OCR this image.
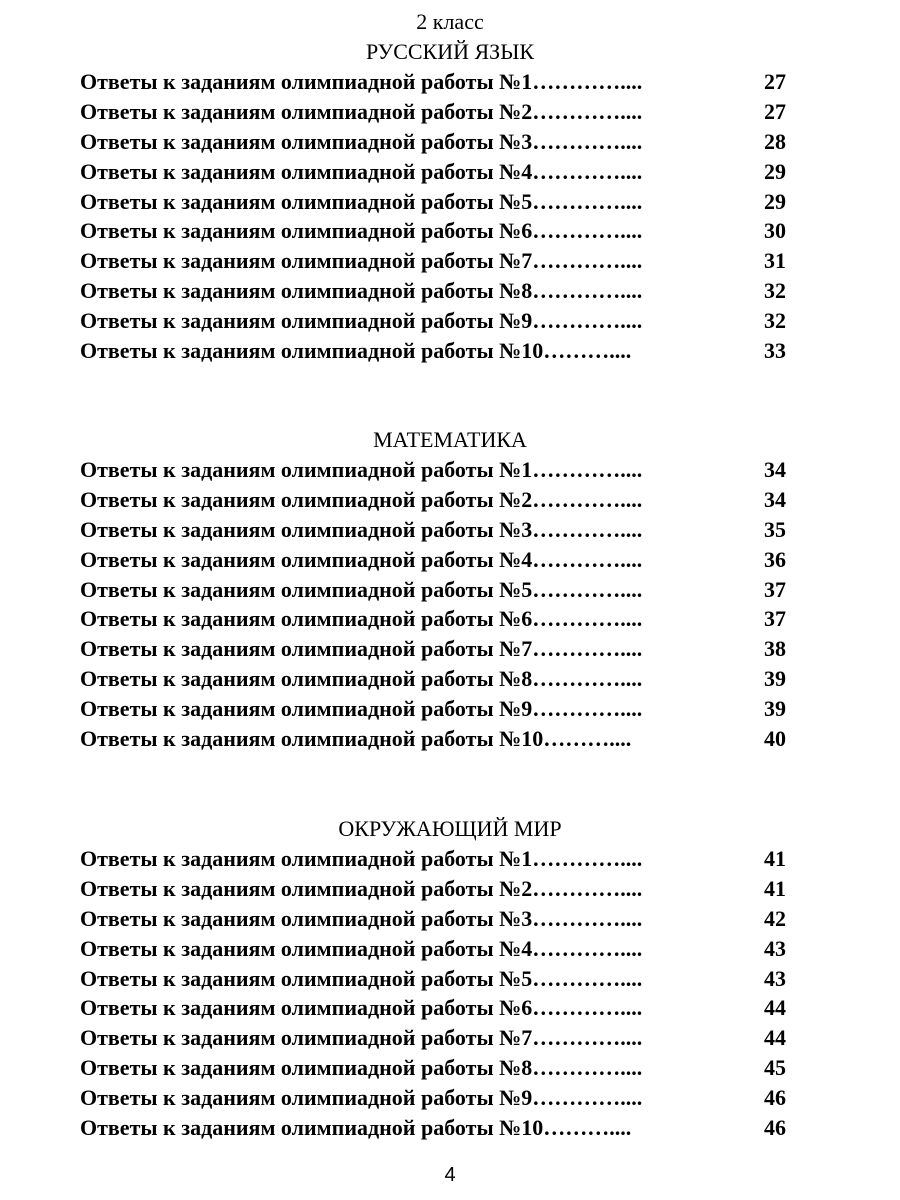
2 класс
РУССКИЙ ЯЗЫК
Ответы к заданиям олимпиадной работы №1…………....	27
Ответы к заданиям олимпиадной работы №2…………....	27
Ответы к заданиям олимпиадной работы №3…………....	28
Ответы к заданиям олимпиадной работы №4…………....	29
Ответы к заданиям олимпиадной работы №5…………....	29
Ответы к заданиям олимпиадной работы №6…………....	30
Ответы к заданиям олимпиадной работы №7…………....	31
Ответы к заданиям олимпиадной работы №8…………....	32
Ответы к заданиям олимпиадной работы №9…………....	32
Ответы к заданиям олимпиадной работы №10………....	33
МАТЕМАТИКА
Ответы к заданиям олимпиадной работы №1…………....	34
Ответы к заданиям олимпиадной работы №2…………....	34
Ответы к заданиям олимпиадной работы №3…………....	35
Ответы к заданиям олимпиадной работы №4…………....	36
Ответы к заданиям олимпиадной работы №5…………....	37
Ответы к заданиям олимпиадной работы №6…………....	37
Ответы к заданиям олимпиадной работы №7…………....	38
Ответы к заданиям олимпиадной работы №8…………....	39
Ответы к заданиям олимпиадной работы №9…………....	39
Ответы к заданиям олимпиадной работы №10………....	40
ОКРУЖАЮЩИЙ МИР
Ответы к заданиям олимпиадной работы №1…………....	41
Ответы к заданиям олимпиадной работы №2…………....	41
Ответы к заданиям олимпиадной работы №3…………....	42
Ответы к заданиям олимпиадной работы №4…………....	43
Ответы к заданиям олимпиадной работы №5…………....	43
Ответы к заданиям олимпиадной работы №6…………....	44
Ответы к заданиям олимпиадной работы №7…………....	44
Ответы к заданиям олимпиадной работы №8…………....	45
Ответы к заданиям олимпиадной работы №9…………....	46
Ответы к заданиям олимпиадной работы №10………....	46
4
